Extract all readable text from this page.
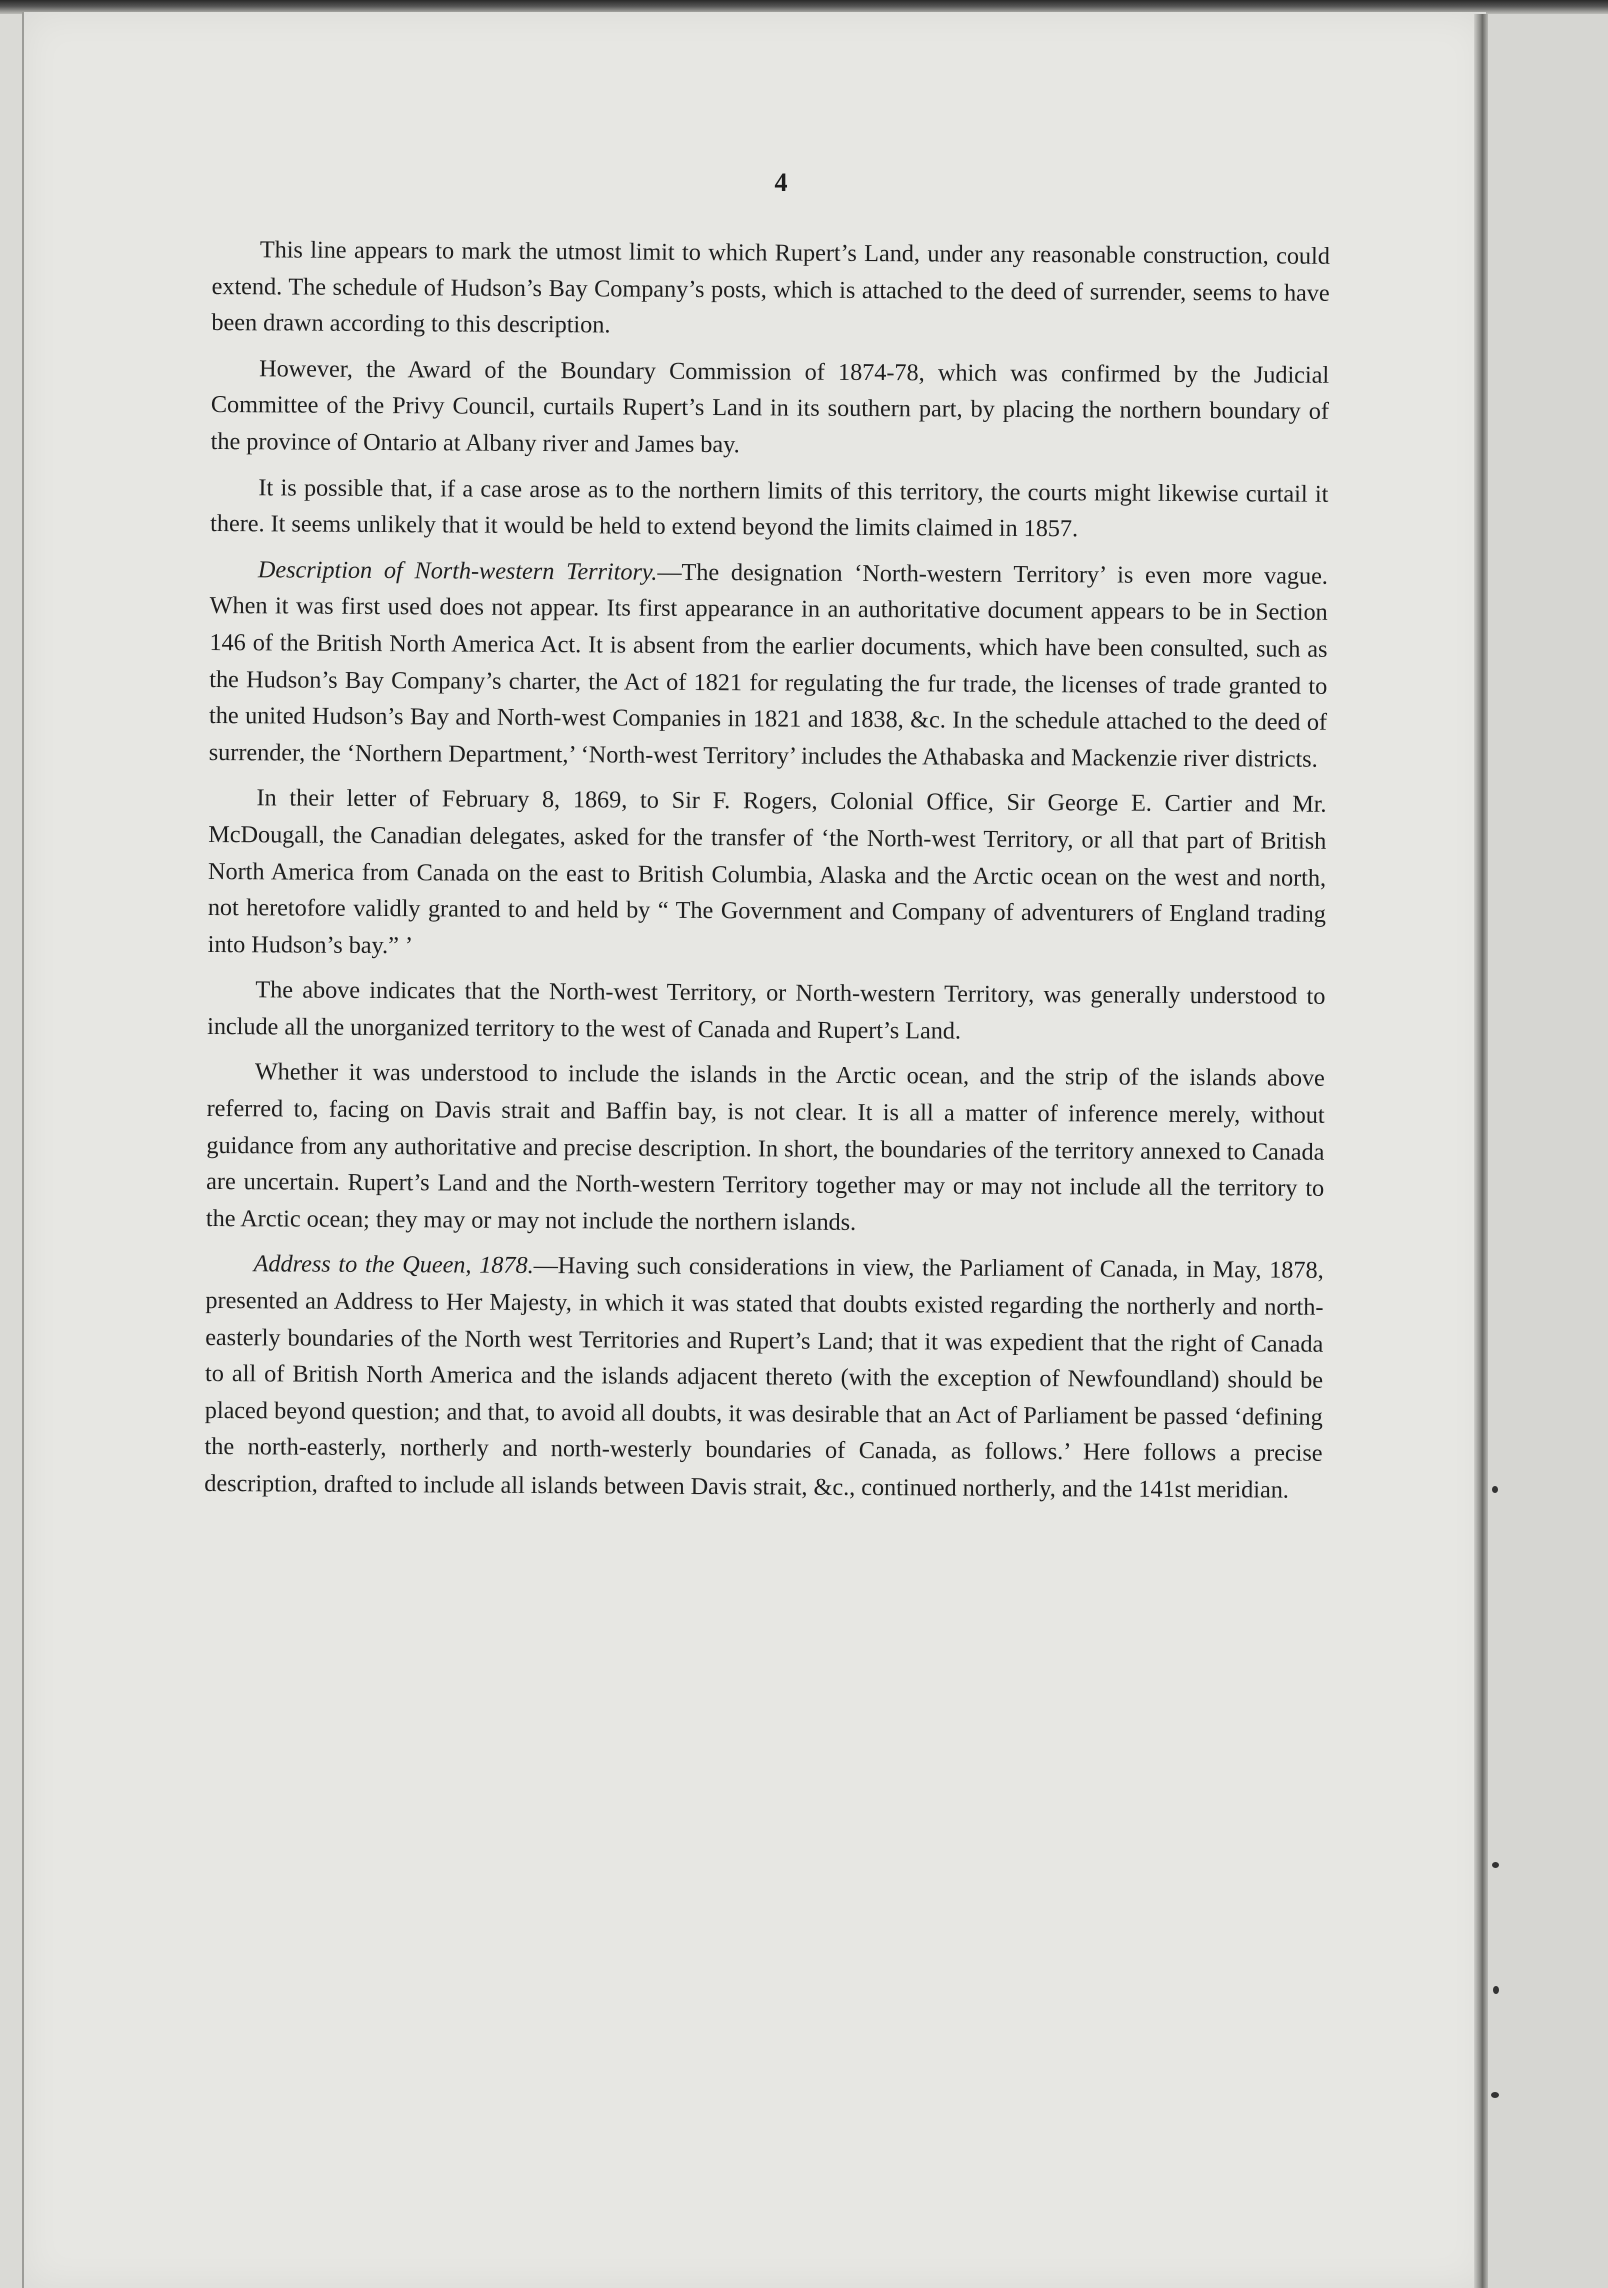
4

This line appears to mark the utmost limit to which Rupert’s Land, under any reasonable construction, could extend. The schedule of Hudson’s Bay Company’s posts, which is attached to the deed of surrender, seems to have been drawn according to this description.

However, the Award of the Boundary Commission of 1874-78, which was confirmed by the Judicial Committee of the Privy Council, curtails Rupert’s Land in its southern part, by placing the northern boundary of the province of Ontario at Albany river and James bay.

It is possible that, if a case arose as to the northern limits of this territory, the courts might likewise curtail it there. It seems unlikely that it would be held to extend beyond the limits claimed in 1857.

Description of North-western Territory.—The designation ‘North-western Territory’ is even more vague. When it was first used does not appear. Its first appearance in an authoritative document appears to be in Section 146 of the British North America Act. It is absent from the earlier documents, which have been consulted, such as the Hudson’s Bay Company’s charter, the Act of 1821 for regulating the fur trade, the licenses of trade granted to the united Hudson’s Bay and North-west Companies in 1821 and 1838, &c. In the schedule attached to the deed of surrender, the ‘Northern Department,’ ‘North-west Territory’ includes the Athabaska and Mackenzie river districts.

In their letter of February 8, 1869, to Sir F. Rogers, Colonial Office, Sir George E. Cartier and Mr. McDougall, the Canadian delegates, asked for the transfer of ‘the North-west Territory, or all that part of British North America from Canada on the east to British Columbia, Alaska and the Arctic ocean on the west and north, not heretofore validly granted to and held by “ The Government and Company of adventurers of England trading into Hudson’s bay.” ’

The above indicates that the North-west Territory, or North-western Territory, was generally understood to include all the unorganized territory to the west of Canada and Rupert’s Land.

Whether it was understood to include the islands in the Arctic ocean, and the strip of the islands above referred to, facing on Davis strait and Baffin bay, is not clear. It is all a matter of inference merely, without guidance from any authoritative and precise description. In short, the boundaries of the territory annexed to Canada are uncertain. Rupert’s Land and the North-western Territory together may or may not include all the territory to the Arctic ocean; they may or may not include the northern islands.

Address to the Queen, 1878.—Having such considerations in view, the Parliament of Canada, in May, 1878, presented an Address to Her Majesty, in which it was stated that doubts existed regarding the northerly and north-easterly boundaries of the North west Territories and Rupert’s Land; that it was expedient that the right of Canada to all of British North America and the islands adjacent thereto (with the exception of Newfoundland) should be placed beyond question; and that, to avoid all doubts, it was desirable that an Act of Parliament be passed ‘defining the north-easterly, northerly and north-westerly boundaries of Canada, as follows.’ Here follows a precise description, drafted to include all islands between Davis strait, &c., continued northerly, and the 141st meridian.
